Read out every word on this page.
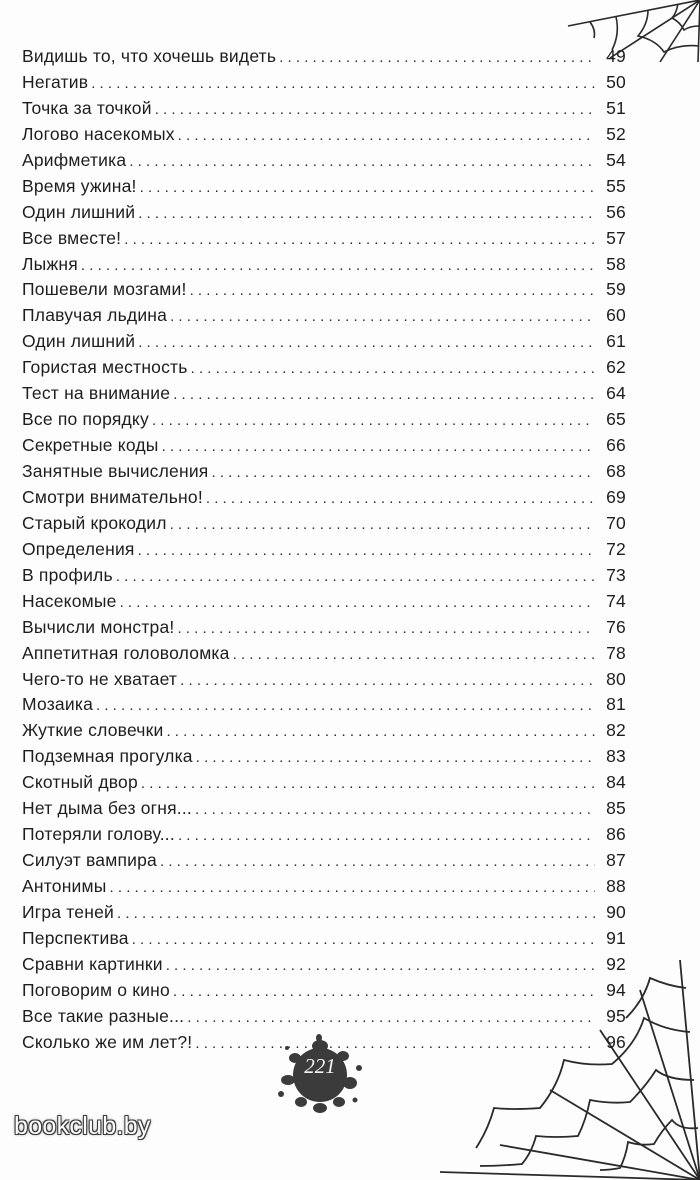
Видишь то, что хочешь видеть . . .	49
Негатив . . .	50
Точка за точкой . . .	51
Логово насекомых . . .	52
Арифметика . . .	54
Время ужина! . . .	55
Один лишний . . .	56
Все вместе! . . .	57
Лыжня . . .	58
Пошевели мозгами! . . .	59
Плавучая льдина . . .	60
Один лишний . . .	61
Гористая местность . . .	62
Тест на внимание . . .	64
Все по порядку . . .	65
Секретные коды . . .	66
Занятные вычисления . . .	68
Смотри внимательно! . . .	69
Старый крокодил . . .	70
Определения . . .	72
В профиль . . .	73
Насекомые . . .	74
Вычисли монстра! . . .	76
Аппетитная головоломка . . .	78
Чего-то не хватает . . .	80
Мозаика . . .	81
Жуткие словечки . . .	82
Подземная прогулка . . .	83
Скотный двор . . .	84
Нет дыма без огня... . . .	85
Потеряли голову... . . .	86
Силуэт вампира . . .	87
Антонимы . . .	88
Игра теней . . .	90
Перспектива . . .	91
Сравни картинки . . .	92
Поговорим о кино . . .	94
Все такие разные... . . .	95
Сколько же им лет?! . . .	96
221
bookclub.by
